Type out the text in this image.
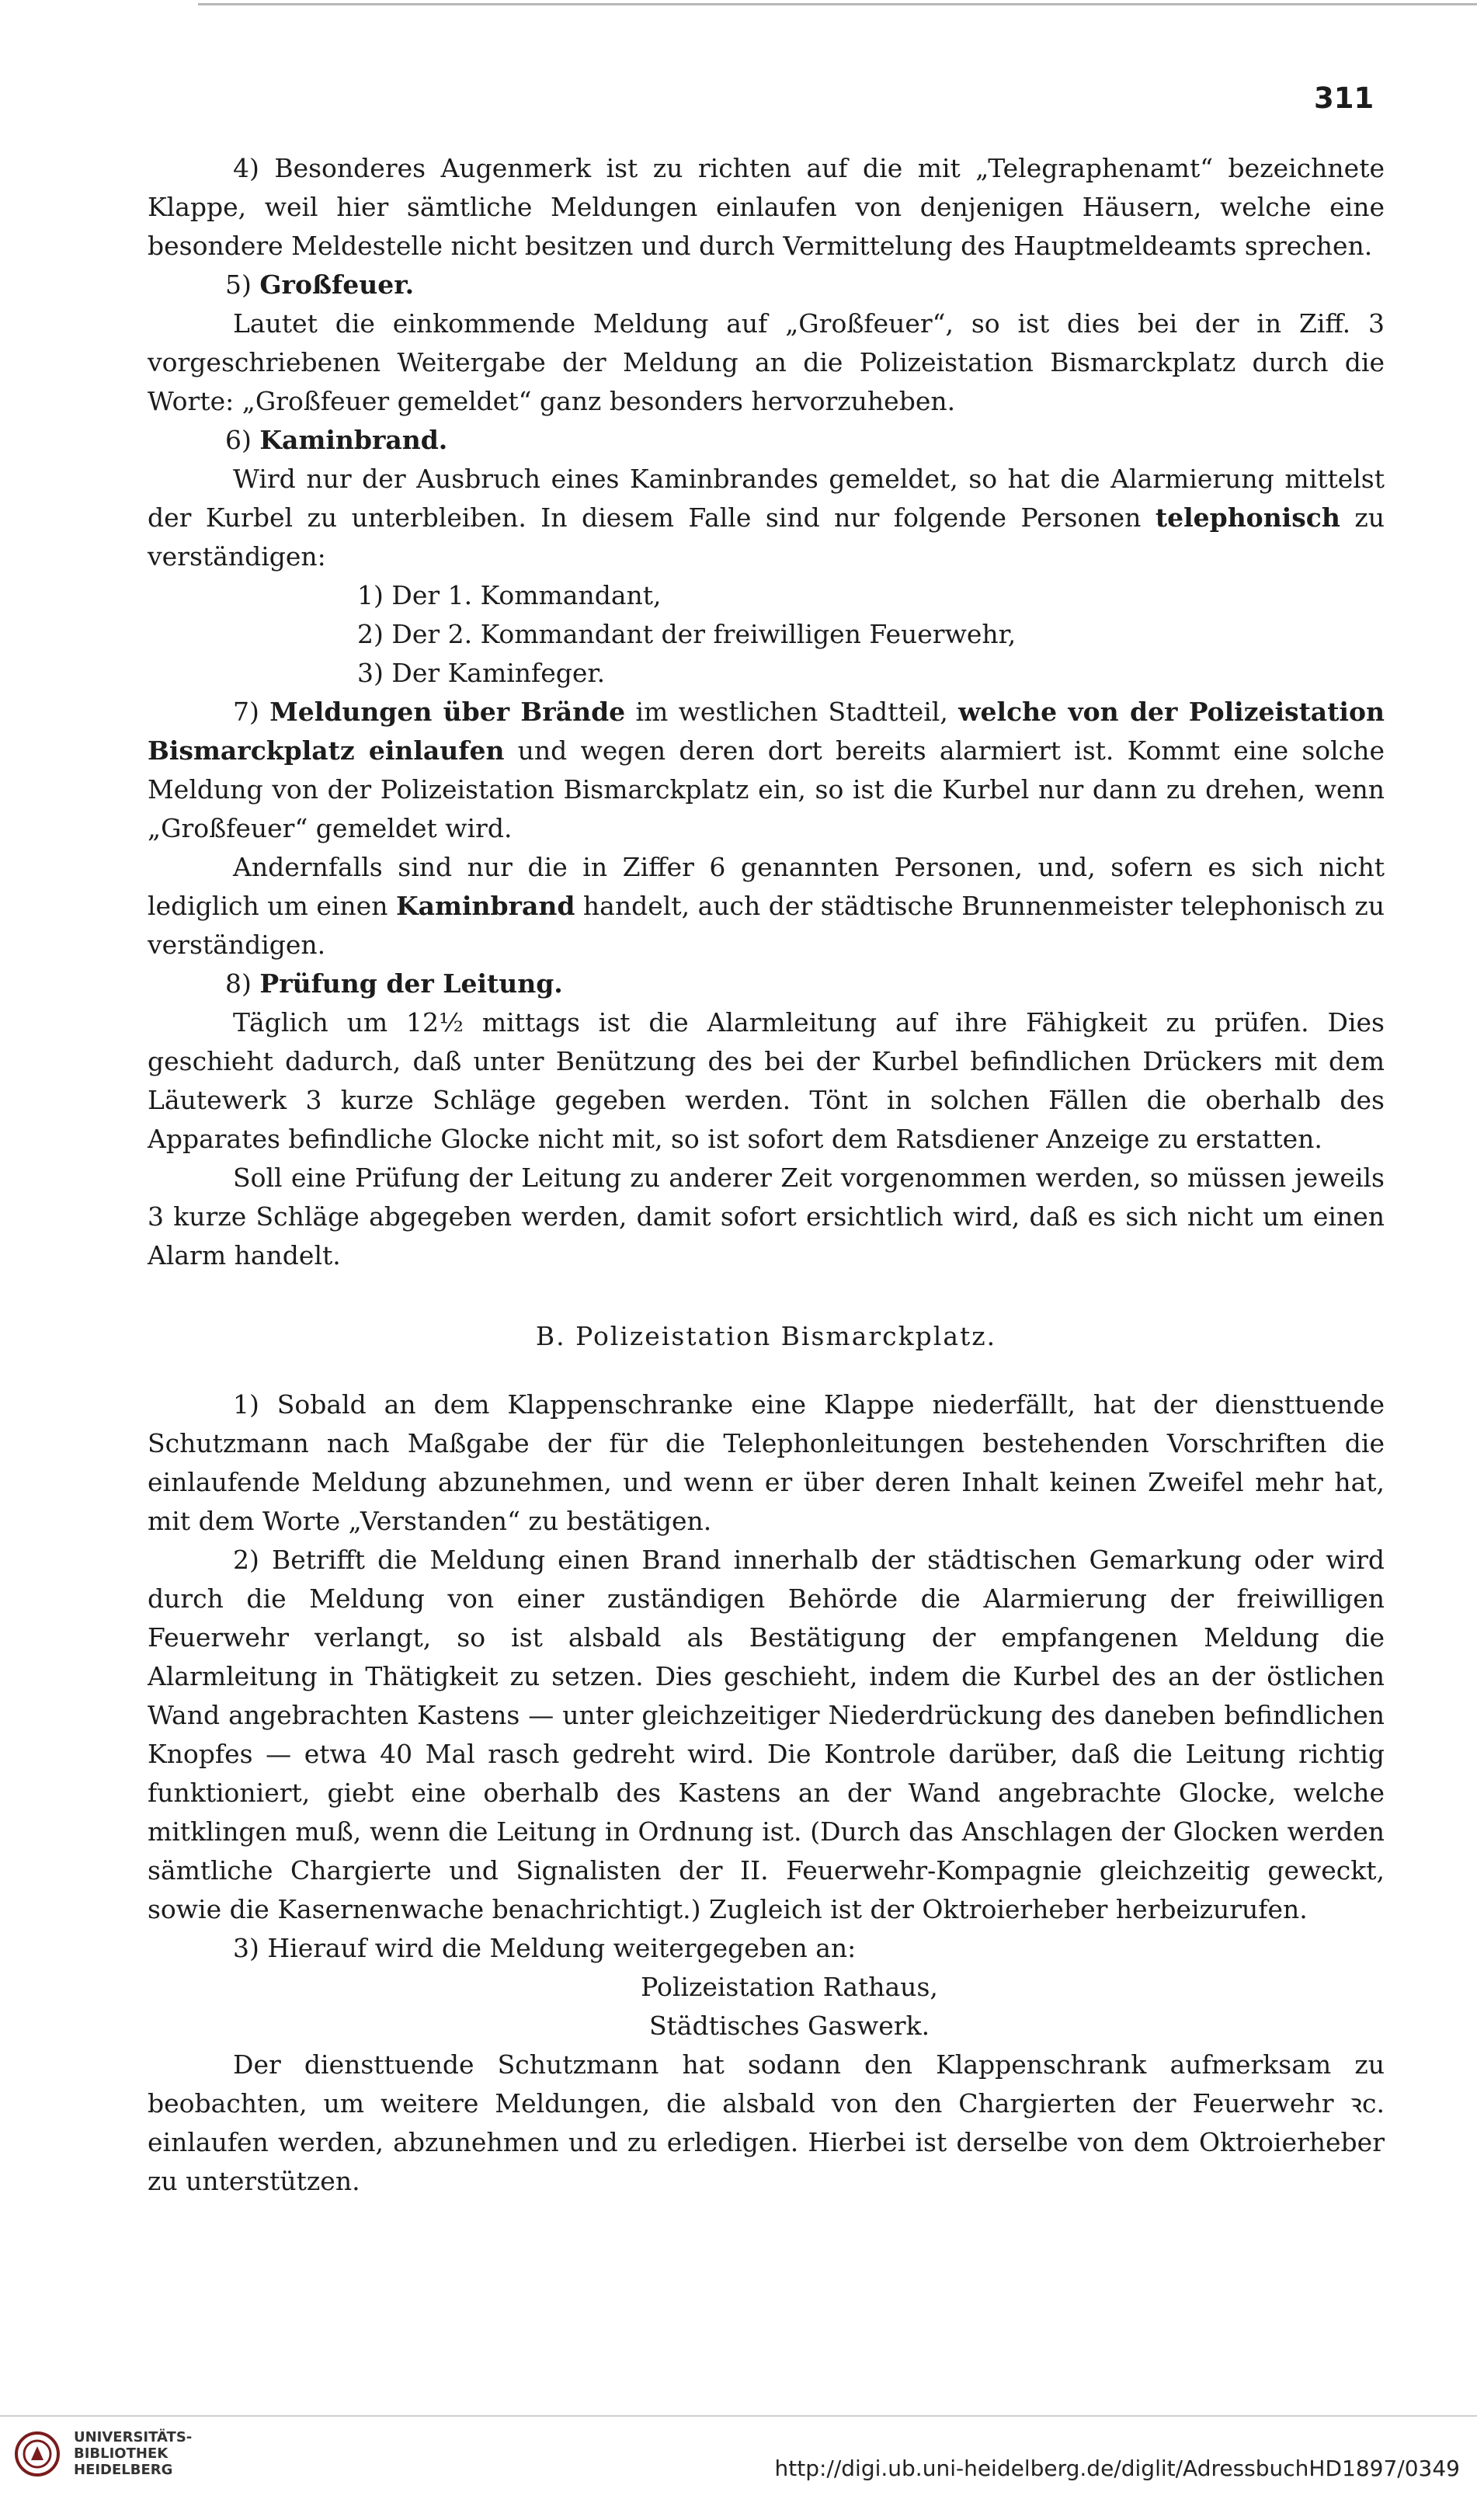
311

4) Besonderes Augenmerk ist zu richten auf die mit „Telegraphenamt“ bezeichnete Klappe, weil hier sämtliche Meldungen einlaufen von denjenigen Häusern, welche eine besondere Meldestelle nicht besitzen und durch Vermittelung des Hauptmeldeamts sprechen.

5) Großfeuer.

Lautet die einkommende Meldung auf „Großfeuer“, so ist dies bei der in Ziff. 3 vorgeschriebenen Weitergabe der Meldung an die Polizeistation Bismarckplatz durch die Worte: „Großfeuer gemeldet“ ganz besonders hervorzuheben.

6) Kaminbrand.

Wird nur der Ausbruch eines Kaminbrandes gemeldet, so hat die Alarmierung mittelst der Kurbel zu unterbleiben. In diesem Falle sind nur folgende Personen telephonisch zu verständigen:

1) Der 1. Kommandant,
2) Der 2. Kommandant der freiwilligen Feuerwehr,
3) Der Kaminfeger.

7) Meldungen über Brände im westlichen Stadtteil, welche von der Polizeistation Bismarckplatz einlaufen und wegen deren dort bereits alarmiert ist. Kommt eine solche Meldung von der Polizeistation Bismarckplatz ein, so ist die Kurbel nur dann zu drehen, wenn „Großfeuer“ gemeldet wird.

Andernfalls sind nur die in Ziffer 6 genannten Personen, und, sofern es sich nicht lediglich um einen Kaminbrand handelt, auch der städtische Brunnenmeister telephonisch zu verständigen.

8) Prüfung der Leitung.

Täglich um 12½ mittags ist die Alarmleitung auf ihre Fähigkeit zu prüfen. Dies geschieht dadurch, daß unter Benützung des bei der Kurbel befindlichen Drückers mit dem Läutewerk 3 kurze Schläge gegeben werden. Tönt in solchen Fällen die oberhalb des Apparates befindliche Glocke nicht mit, so ist sofort dem Ratsdiener Anzeige zu erstatten.

Soll eine Prüfung der Leitung zu anderer Zeit vorgenommen werden, so müssen jeweils 3 kurze Schläge abgegeben werden, damit sofort ersichtlich wird, daß es sich nicht um einen Alarm handelt.

B. Polizeistation Bismarckplatz.

1) Sobald an dem Klappenschranke eine Klappe niederfällt, hat der diensttuende Schutzmann nach Maßgabe der für die Telephonleitungen bestehenden Vorschriften die einlaufende Meldung abzunehmen, und wenn er über deren Inhalt keinen Zweifel mehr hat, mit dem Worte „Verstanden“ zu bestätigen.

2) Betrifft die Meldung einen Brand innerhalb der städtischen Gemarkung oder wird durch die Meldung von einer zuständigen Behörde die Alarmierung der freiwilligen Feuerwehr verlangt, so ist alsbald als Bestätigung der empfangenen Meldung die Alarmleitung in Thätigkeit zu setzen. Dies geschieht, indem die Kurbel des an der östlichen Wand angebrachten Kastens — unter gleichzeitiger Niederdrückung des daneben befindlichen Knopfes — etwa 40 Mal rasch gedreht wird. Die Kontrole darüber, daß die Leitung richtig funktioniert, giebt eine oberhalb des Kastens an der Wand angebrachte Glocke, welche mitklingen muß, wenn die Leitung in Ordnung ist. (Durch das Anschlagen der Glocken werden sämtliche Chargierte und Signalisten der II. Feuerwehr-Kompagnie gleichzeitig geweckt, sowie die Kasernenwache benachrichtigt.) Zugleich ist der Oktroierheber herbeizurufen.

3) Hierauf wird die Meldung weitergegeben an:

Polizeistation Rathaus,
Städtisches Gaswerk.

Der diensttuende Schutzmann hat sodann den Klappenschrank aufmerksam zu beobachten, um weitere Meldungen, die alsbald von den Chargierten der Feuerwehr ꝛc. einlaufen werden, abzunehmen und zu erledigen. Hierbei ist derselbe von dem Oktroierheber zu unterstützen.

UNIVERSITÄTS-
BIBLIOTHEK
HEIDELBERG	http://digi.ub.uni-heidelberg.de/diglit/AdressbuchHD1897/0349
